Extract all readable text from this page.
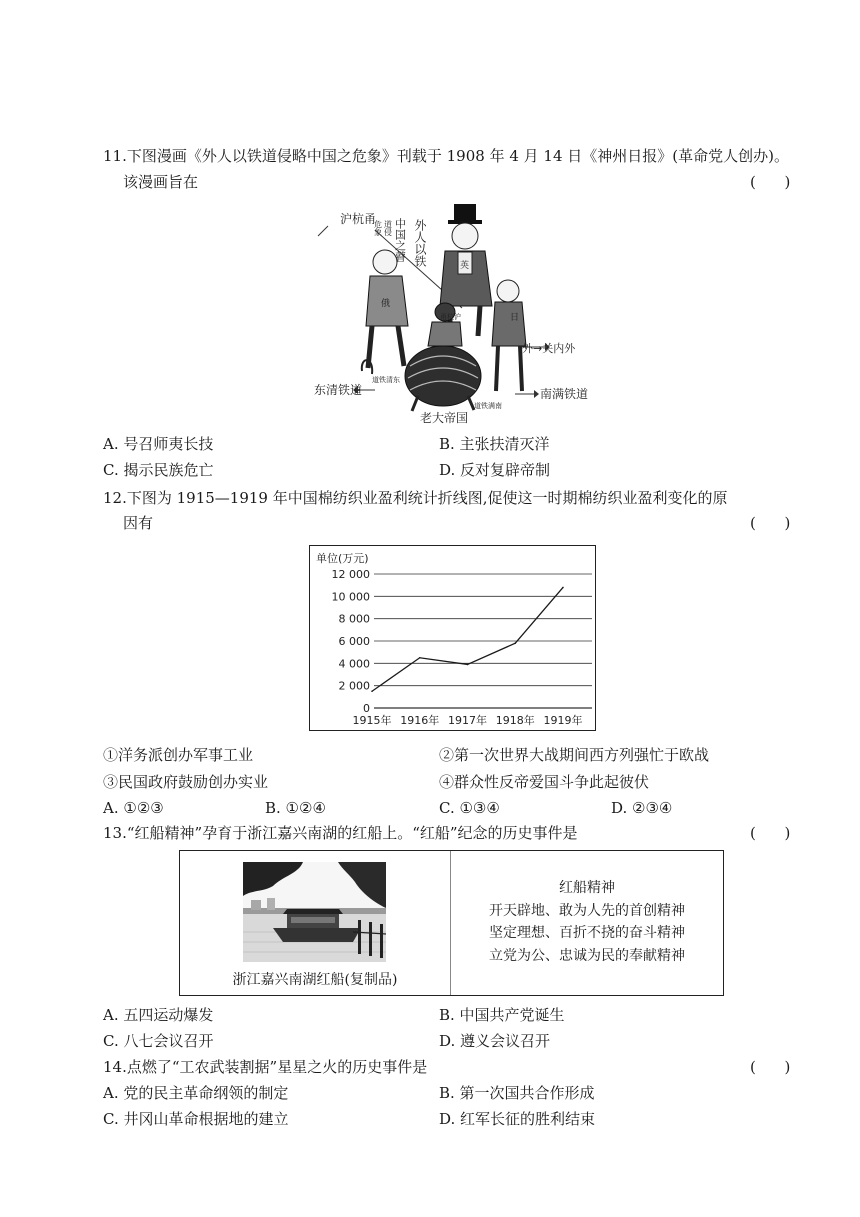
11.下图漫画《外人以铁道侵略中国之危象》刊载于 1908 年 4 月 14 日《神州日报》(革命党人创办)。
该漫画旨在	(      )
外人以铁
中国之瞽
道侵
沪杭甬
危象
甬杭沪	日
英
俄
外→关内外
东清铁道
道铁清东
南满铁道
道铁满南
老大帝国
A. 号召师夷长技	B. 主张扶清灭洋
C. 揭示民族危亡	D. 反对复辟帝制
12.下图为 1915—1919 年中国棉纺织业盈利统计折线图,促使这一时期棉纺织业盈利变化的原
因有	(      )
单位(万元)
0
2 000
4 000
6 000
8 000
10 000
12 000
1915年 1916年 1917年 1918年 1919年
①洋务派创办军事工业	②第一次世界大战期间西方列强忙于欧战
③民国政府鼓励创办实业	④群众性反帝爱国斗争此起彼伏
A. ①②③	B. ①②④	C. ①③④	D. ②③④
13.“红船精神”孕育于浙江嘉兴南湖的红船上。“红船”纪念的历史事件是	(      )
浙江嘉兴南湖红船(复制品)
红船精神
开天辟地、敢为人先的首创精神
坚定理想、百折不挠的奋斗精神
立党为公、忠诚为民的奉献精神
A. 五四运动爆发	B. 中国共产党诞生
C. 八七会议召开	D. 遵义会议召开
14.点燃了“工农武装割据”星星之火的历史事件是	(      )
A. 党的民主革命纲领的制定	B. 第一次国共合作形成
C. 井冈山革命根据地的建立	D. 红军长征的胜利结束
